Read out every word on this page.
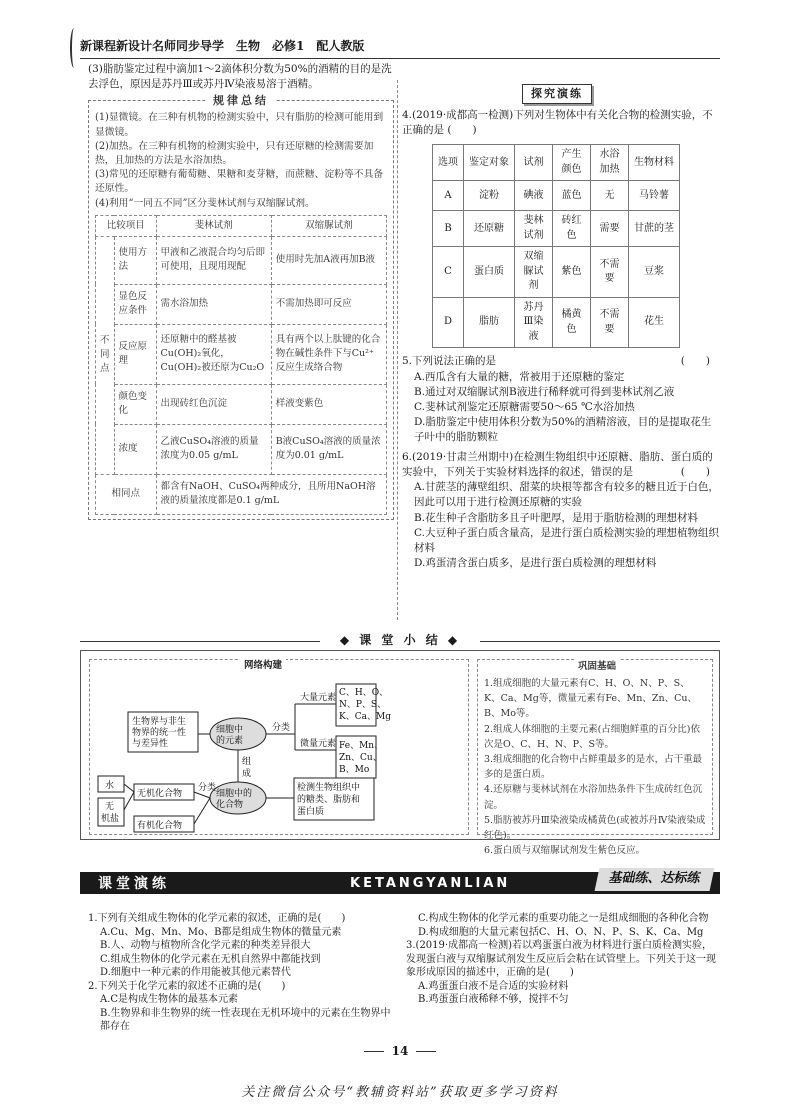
新课程新设计名师同步导学　生物　必修1　配人教版

(3)脂肪鉴定过程中滴加1～2滴体积分数为50%的酒精的目的是洗去浮色，原因是苏丹Ⅲ或苏丹Ⅳ染液易溶于酒精。

规律总结

(1)显微镜。在三种有机物的检测实验中，只有脂肪的检测可能用到显微镜。

(2)加热。在三种有机物的检测实验中，只有还原糖的检测需要加热，且加热的方法是水浴加热。

(3)常见的还原糖有葡萄糖、果糖和麦芽糖，而蔗糖、淀粉等不具备还原性。

(4)利用“一同五不同”区分斐林试剂与双缩脲试剂。

比较项目		斐林试剂	双缩脲试剂
不同点	使用方法	甲液和乙液混合均匀后即可使用，且现用现配	使用时先加A液再加B液
	显色反应条件	需水浴加热	不需加热即可反应
	反应原理	还原糖中的醛基被Cu(OH)₂氧化，Cu(OH)₂被还原为Cu₂O	具有两个以上肽键的化合物在碱性条件下与Cu²⁺反应生成络合物
	颜色变化	出现砖红色沉淀	样液变紫色
	浓度	乙液CuSO₄溶液的质量浓度为0.05 g/mL	B液CuSO₄溶液的质量浓度为0.01 g/mL
相同点		都含有NaOH、CuSO₄两种成分，且所用NaOH溶液的质量浓度都是0.1 g/mL	
探究演练
4.(2019·成都高一检测)下列对生物体中有关化合物的检测实验，不正确的是 (　　)
选项	鉴定对象	试剂	产生颜色	水浴加热	生物材料
A	淀粉	碘液	蓝色	无	马铃薯
B	还原糖	斐林试剂	砖红色	需要	甘蔗的茎
C	蛋白质	双缩脲试剂	紫色	不需要	豆浆
D	脂肪	苏丹Ⅲ染液	橘黄色	不需要	花生
5.下列说法正确的是	(　　)
A.西瓜含有大量的糖，常被用于还原糖的鉴定
B.通过对双缩脲试剂B液进行稀释就可得到斐林试剂乙液
C.斐林试剂鉴定还原糖需要50～65 ℃水浴加热
D.脂肪鉴定中使用体积分数为50%的酒精溶液，目的是提取花生子叶中的脂肪颗粒
6.(2019·甘肃兰州期中)在检测生物组织中还原糖、脂肪、蛋白质的实验中，下列关于实验材料选择的叙述，错误的是	(　　)
A.甘蔗茎的薄壁组织、甜菜的块根等都含有较多的糖且近于白色，因此可以用于进行检测还原糖的实验
B.花生种子含脂肪多且子叶肥厚，是用于脂肪检测的理想材料
C.大豆种子蛋白质含量高，是进行蛋白质检测实验的理想植物组织材料
D.鸡蛋清含蛋白质多，是进行蛋白质检测的理想材料
◆ 课 堂 小 结 ◆
网络构建
生物界与非生
物界的统一性
与差异性
细胞中
的元素
分类
大量元素
微量元素
C、H、O、
N、P、S、
K、Ca、Mg
Fe、Mn、
Zn、Cu、
B、Mo
组
成
细胞中的
化合物
水
无
机盐
无机化合物
有机化合物
分类	检测生物组织中
的糖类、脂肪和
蛋白质
巩固基础

1.组成细胞的大量元素有C、H、O、N、P、S、K、Ca、Mg等，微量元素有Fe、Mn、Zn、Cu、B、Mo等。

2.组成人体细胞的主要元素(占细胞鲜重的百分比)依次是O、C、H、N、P、S等。

3.组成细胞的化合物中占鲜重最多的是水，占干重最多的是蛋白质。

4.还原糖与斐林试剂在水浴加热条件下生成砖红色沉淀。

5.脂肪被苏丹Ⅲ染液染成橘黄色(或被苏丹Ⅳ染液染成红色)。

6.蛋白质与双缩脲试剂发生紫色反应。

课堂演练	KETANGYANLIAN	基础练、达标练

1.下列有关组成生物体的化学元素的叙述，正确的是(　　)

A.Cu、Mg、Mn、Mo、B都是组成生物体的微量元素

B.人、动物与植物所含化学元素的种类差异很大

C.组成生物体的化学元素在无机自然界中都能找到

D.细胞中一种元素的作用能被其他元素替代

2.下列关于化学元素的叙述不正确的是(　　)

A.C是构成生物体的最基本元素

B.生物界和非生物界的统一性表现在无机环境中的元素在生物界中都存在

C.构成生物体的化学元素的重要功能之一是组成细胞的各种化合物

D.构成细胞的大量元素包括C、H、O、N、P、S、K、Ca、Mg

3.(2019·成都高一检测)若以鸡蛋蛋白液为材料进行蛋白质检测实验，发现蛋白液与双缩脲试剂发生反应后会粘在试管壁上。下列关于这一现象形成原因的描述中，正确的是(　　)

A.鸡蛋蛋白液不是合适的实验材料

B.鸡蛋蛋白液稀释不够，搅拌不匀

14
关注微信公众号“教辅资料站”获取更多学习资料
